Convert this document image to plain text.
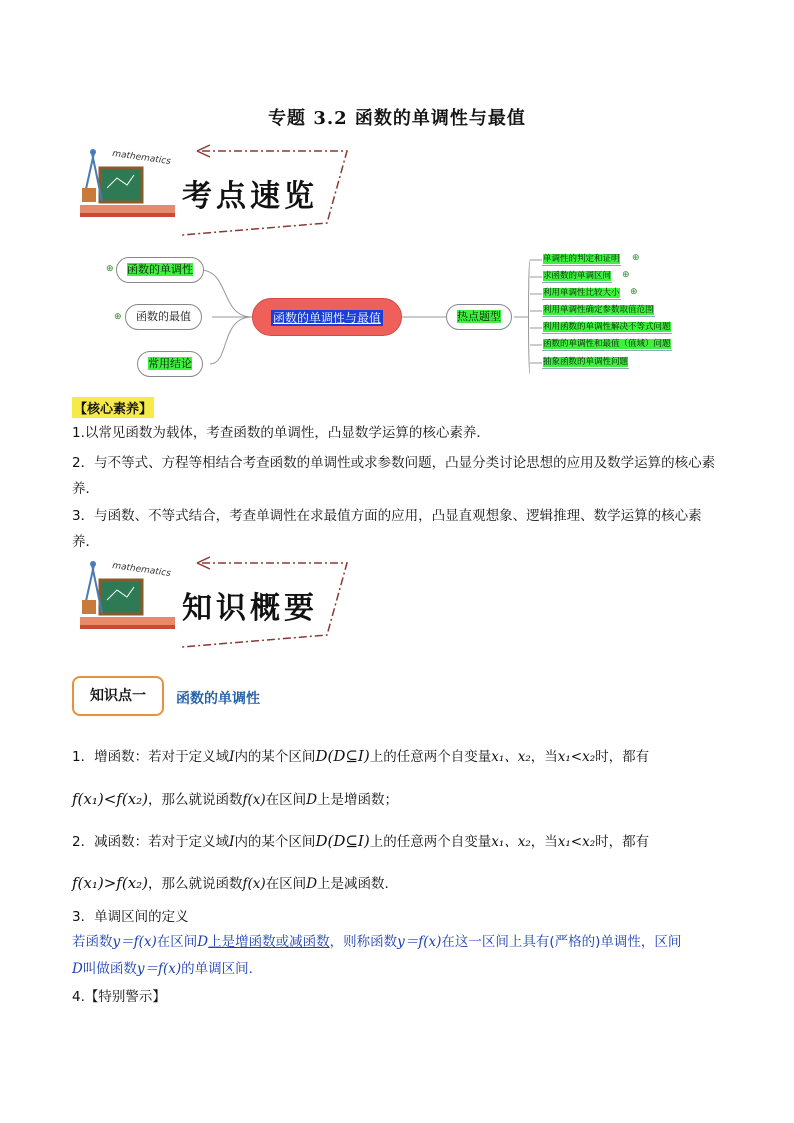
专题 3.2 函数的单调性与最值
mathematics
考点速览
⊕	函数的单调性
⊕	函数的最值
常用结论
函数的单调性与最值	热点题型
单调性的判定和证明 ⊕
求函数的单调区间 ⊕
利用单调性比较大小 ⊕
利用单调性确定参数取值范围
利用函数的单调性解决不等式问题
函数的单调性和最值（值域）问题
抽象函数的单调性问题
【核心素养】
1.以常见函数为载体，考查函数的单调性，凸显数学运算的核心素养．
2．与不等式、方程等相结合考查函数的单调性或求参数问题，凸显分类讨论思想的应用及数学运算的核心素养．
3．与函数、不等式结合，考查单调性在求最值方面的应用，凸显直观想象、逻辑推理、数学运算的核心素养．
mathematics
知识概要
知识点一	函数的单调性
1．增函数：若对于定义域I内的某个区间D(D⊆I)上的任意两个自变量x₁、x₂，当x₁<x₂时，都有
f(x₁)<f(x₂)，那么就说函数f(x)在区间D上是增函数；
2．减函数：若对于定义域I内的某个区间D(D⊆I)上的任意两个自变量x₁、x₂，当x₁<x₂时，都有
f(x₁)>f(x₂)，那么就说函数f(x)在区间D上是减函数.
3．单调区间的定义
若函数y＝f(x)在区间D上是增函数或减函数，则称函数y＝f(x)在这一区间上具有(严格的)单调性，区间
D叫做函数y＝f(x)的单调区间．
4.【特别警示】
